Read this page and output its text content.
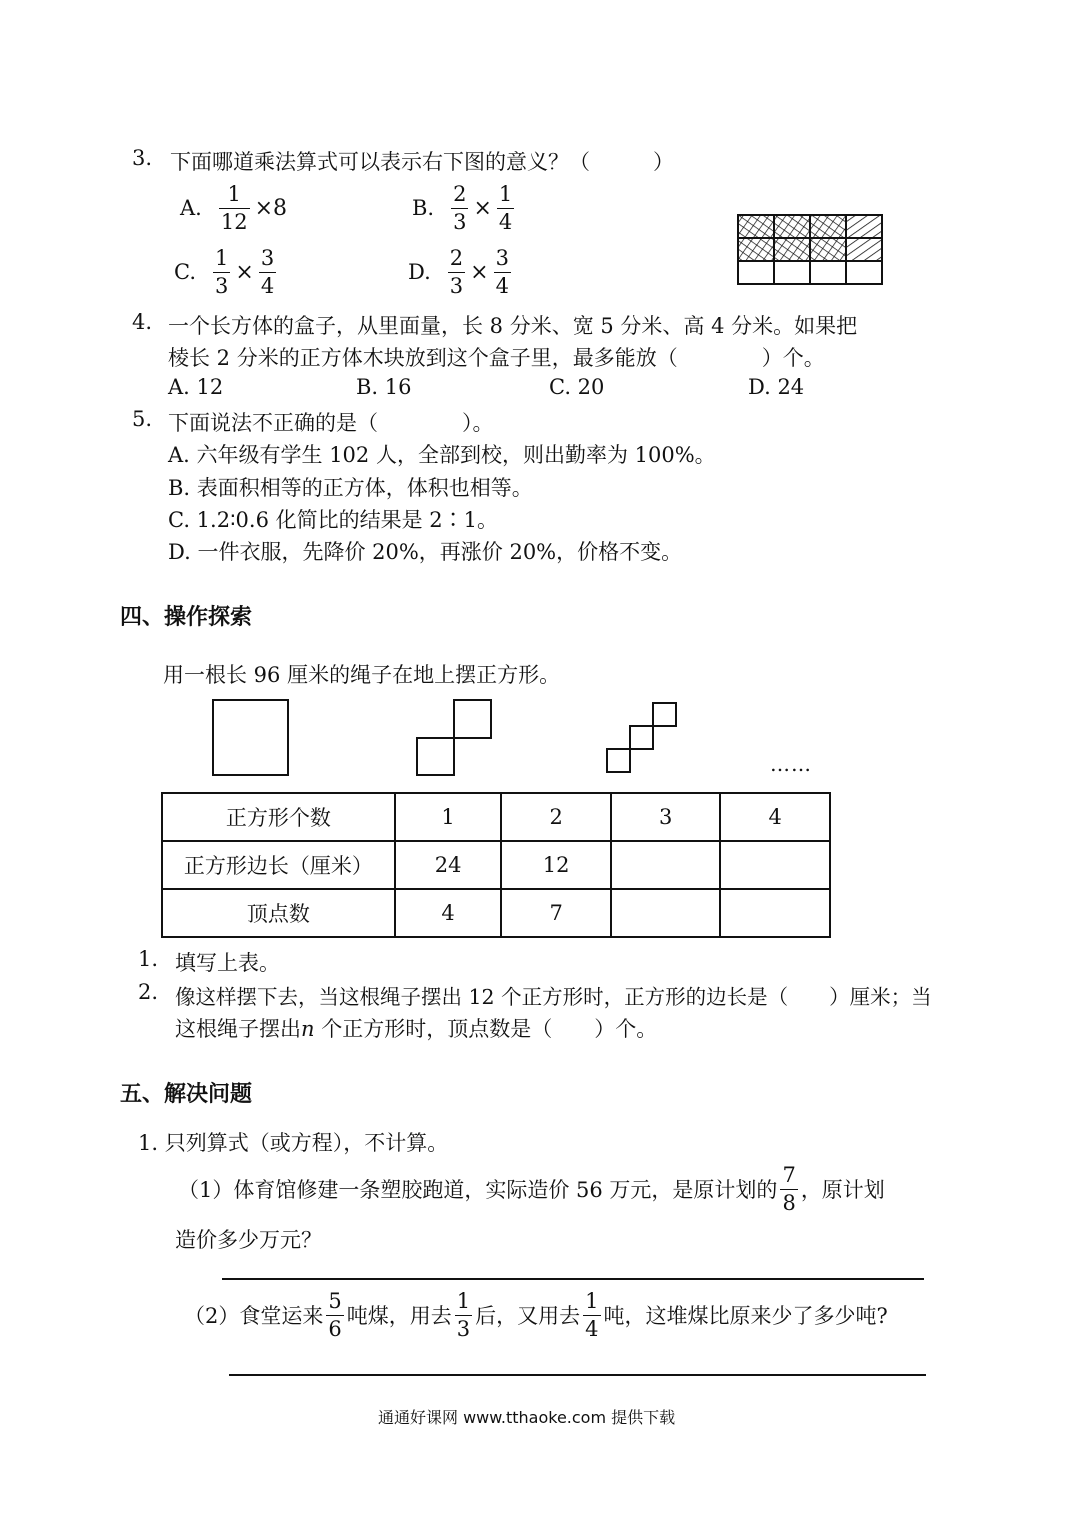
3. 下面哪道乘法算式可以表示右下图的意义？（　　　）
A. $\frac{1}{12} \times 8$	B. $\frac{2}{3} \times \frac{1}{4}$
C. $\frac{1}{3} \times \frac{3}{4}$	D. $\frac{2}{3} \times \frac{3}{4}$
4. 一个长方体的盒子，从里面量，长 8 分米、宽 5 分米、高 4 分米。如果把
棱长 2 分米的正方体木块放到这个盒子里，最多能放（　　　　）个。
A. 12	B. 16	C. 20	D. 24
5. 下面说法不正确的是（　　　　）。
A. 六年级有学生 102 人，全部到校，则出勤率为 100%。
B. 表面积相等的正方体，体积也相等。
C. 1.2∶0.6 化简比的结果是 2∶1。
D. 一件衣服，先降价 20%，再涨价 20%，价格不变。
四、操作探索
用一根长 96 厘米的绳子在地上摆正方形。
……
正方形个数	1	2	3	4
正方形边长（厘米）	24	12		
顶点数	4	7		
1. 填写上表。
2. 像这样摆下去，当这根绳子摆出 12 个正方形时，正方形的边长是（　　）厘米；当
这根绳子摆出n 个正方形时，顶点数是（　　）个。
五、解决问题
1. 只列算式（或方程），不计算。
（1）体育馆修建一条塑胶跑道，实际造价 56 万元，是原计划的 $\frac{7}{8}$ ，原计划
造价多少万元？
（2）食堂运来 $\frac{5}{6}$ 吨煤，用去 $\frac{1}{3}$ 后，又用去 $\frac{1}{4}$ 吨，这堆煤比原来少了多少吨?
通通好课网 www.tthaoke.com 提供下载
